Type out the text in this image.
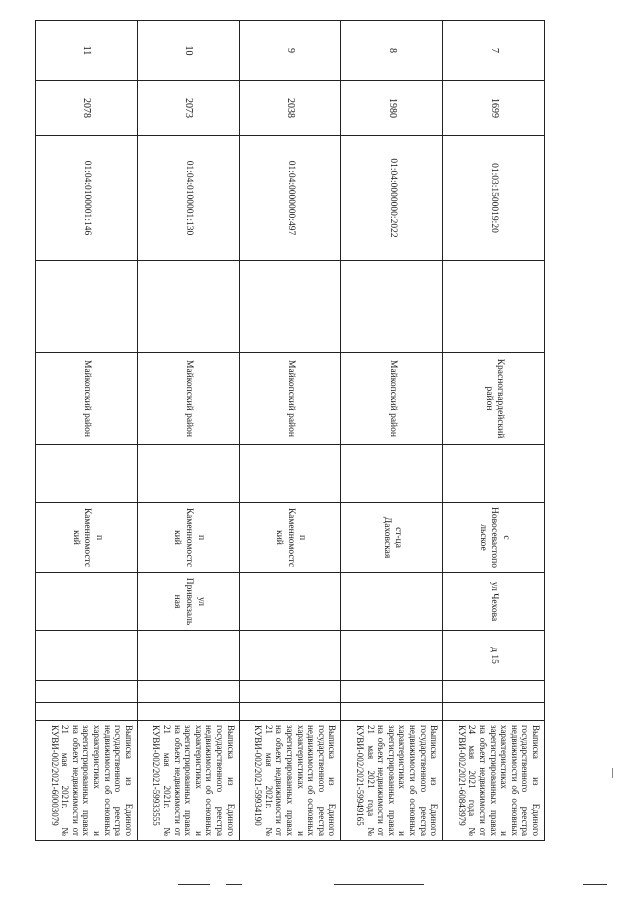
7	1699	01:03:1500019:20		Красногвардейский район		с Новосевастопольское	ул Чехова	д 15			Выписка из Единого государственного реестра недвижимости об основных характеристиках и зарегистрированных правах на объект недвижимости от 24 мая 2021 года № КУВИ-002/2021-60843979
8	1980	01:04:0000000:2022		Майкопский район		ст-ца Даховская					Выписка из Единого государственного реестра недвижимости об основных характеристиках и зарегистрированных правах на объект недвижимости от 21 мая 2021 года № КУВИ-002/2021-59949165
9	2038	01:04:0000000:497		Майкопский район		п Каменномостский					Выписка из Единого государственного реестра недвижимости об основных характеристиках и зарегистрированных правах на объект недвижимости от 21 мая 2021г. № КУВИ-002/2021-59934190
10	2073	01:04:0100001:130		Майкопский район		п Каменномостский	ул Привокзальная				Выписка из Единого государственного реестра недвижимости об основных характеристиках и зарегистрированных правах на объект недвижимости от 21 мая 2021г. № КУВИ-002/2021-59933555
11	2078	01:04:0100001:146		Майкопский район		п Каменномостский					Выписка из Единого государственного реестра недвижимости об основных характеристиках и зарегистрированных правах на объект недвижимости от 21 мая 2021г. № КУВИ-002/2021-60003079
